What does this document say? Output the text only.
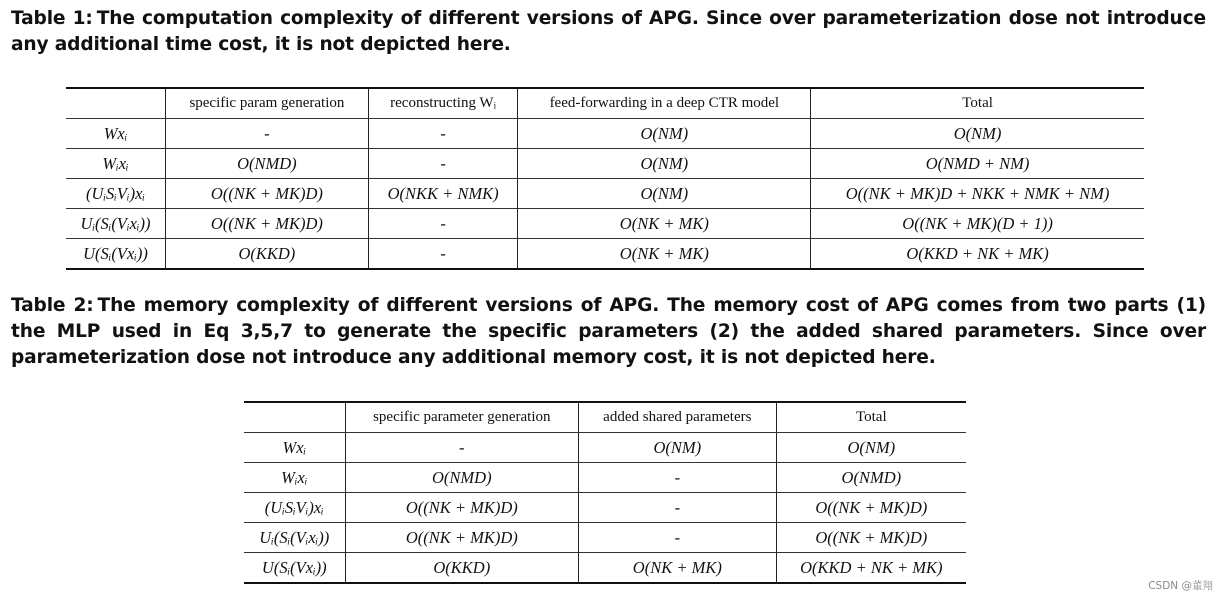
Table 1: The computation complexity of different versions of APG. Since over parameterization dose not introduce any additional time cost, it is not depicted here.
	specific param generation	reconstructing Wᵢ	feed-forwarding in a deep CTR model	Total
Wxᵢ	-	-	O(NM)	O(NM)
Wᵢxᵢ	O(NMD)	-	O(NM)	O(NMD + NM)
(UᵢSᵢVᵢ)xᵢ	O((NK + MK)D)	O(NKK + NMK)	O(NM)	O((NK + MK)D + NKK + NMK + NM)
Uᵢ(Sᵢ(Vᵢxᵢ))	O((NK + MK)D)	-	O(NK + MK)	O((NK + MK)(D + 1))
U(Sᵢ(Vxᵢ))	O(KKD)	-	O(NK + MK)	O(KKD + NK + MK)
Table 2: The memory complexity of different versions of APG. The memory cost of APG comes from two parts (1) the MLP used in Eq 3,5,7 to generate the specific parameters (2) the added shared parameters. Since over parameterization dose not introduce any additional memory cost, it is not depicted here.
	specific parameter generation	added shared parameters	Total
Wxᵢ	-	O(NM)	O(NM)
Wᵢxᵢ	O(NMD)	-	O(NMD)
(UᵢSᵢVᵢ)xᵢ	O((NK + MK)D)	-	O((NK + MK)D)
Uᵢ(Sᵢ(Vᵢxᵢ))	O((NK + MK)D)	-	O((NK + MK)D)
U(Sᵢ(Vxᵢ))	O(KKD)	O(NK + MK)	O(KKD + NK + MK)
CSDN @董翔
